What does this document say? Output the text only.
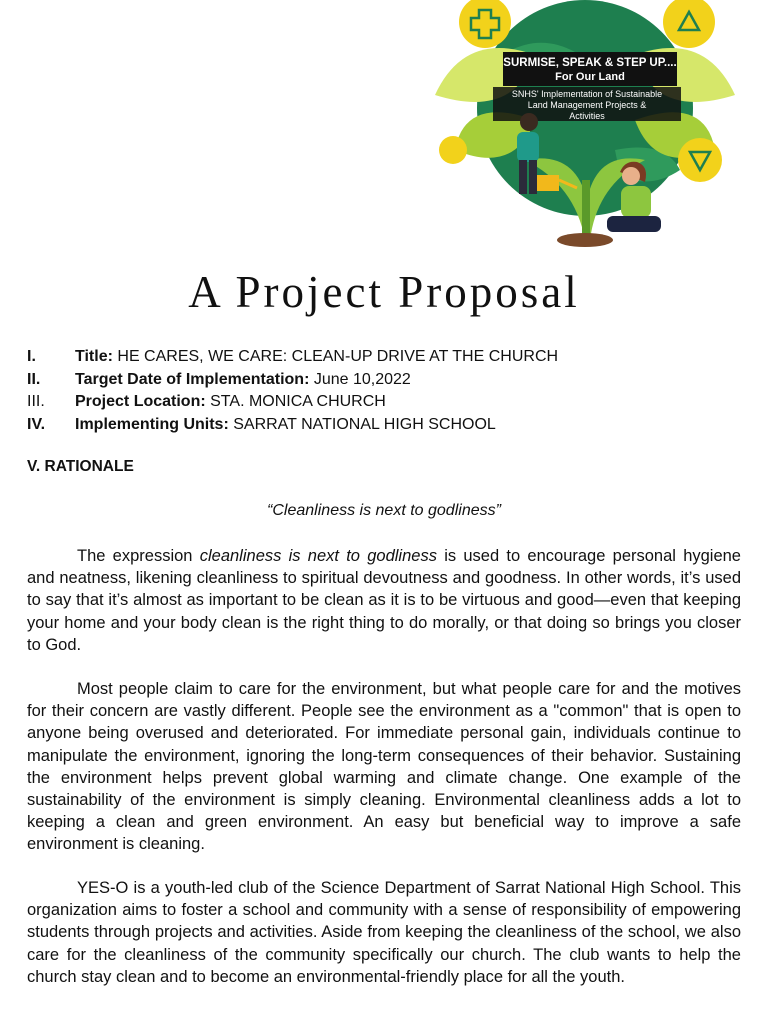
SURMISE, SPEAK & STEP UP....
For Our Land
SNHS' Implementation of Sustainable
Land Management Projects &
Activities
A Project Proposal
I.	Title: HE CARES, WE CARE: CLEAN-UP DRIVE AT THE CHURCH
II.	Target Date of Implementation: June 10,2022
III.	Project Location: STA. MONICA CHURCH
IV.	Implementing Units: SARRAT NATIONAL HIGH SCHOOL
V. RATIONALE
“Cleanliness is next to godliness”

The expression cleanliness is next to godliness is used to encourage personal hygiene and neatness, likening cleanliness to spiritual devoutness and goodness. In other words, it’s used to say that it’s almost as important to be clean as it is to be virtuous and good—even that keeping your home and your body clean is the right thing to do morally, or that doing so brings you closer to God.

Most people claim to care for the environment, but what people care for and the motives for their concern are vastly different. People see the environment as a "common" that is open to anyone being overused and deteriorated. For immediate personal gain, individuals continue to manipulate the environment, ignoring the long-term consequences of their behavior. Sustaining the environment helps prevent global warming and climate change. One example of the sustainability of the environment is simply cleaning. Environmental cleanliness adds a lot to keeping a clean and green environment. An easy but beneficial way to improve a safe environment is cleaning.

YES-O is a youth-led club of the Science Department of Sarrat National High School. This organization aims to foster a school and community with a sense of responsibility of empowering students through projects and activities. Aside from keeping the cleanliness of the school, we also care for the cleanliness of the community specifically our church. The club wants to help the church stay clean and to become an environmental-friendly place for all the youth.
